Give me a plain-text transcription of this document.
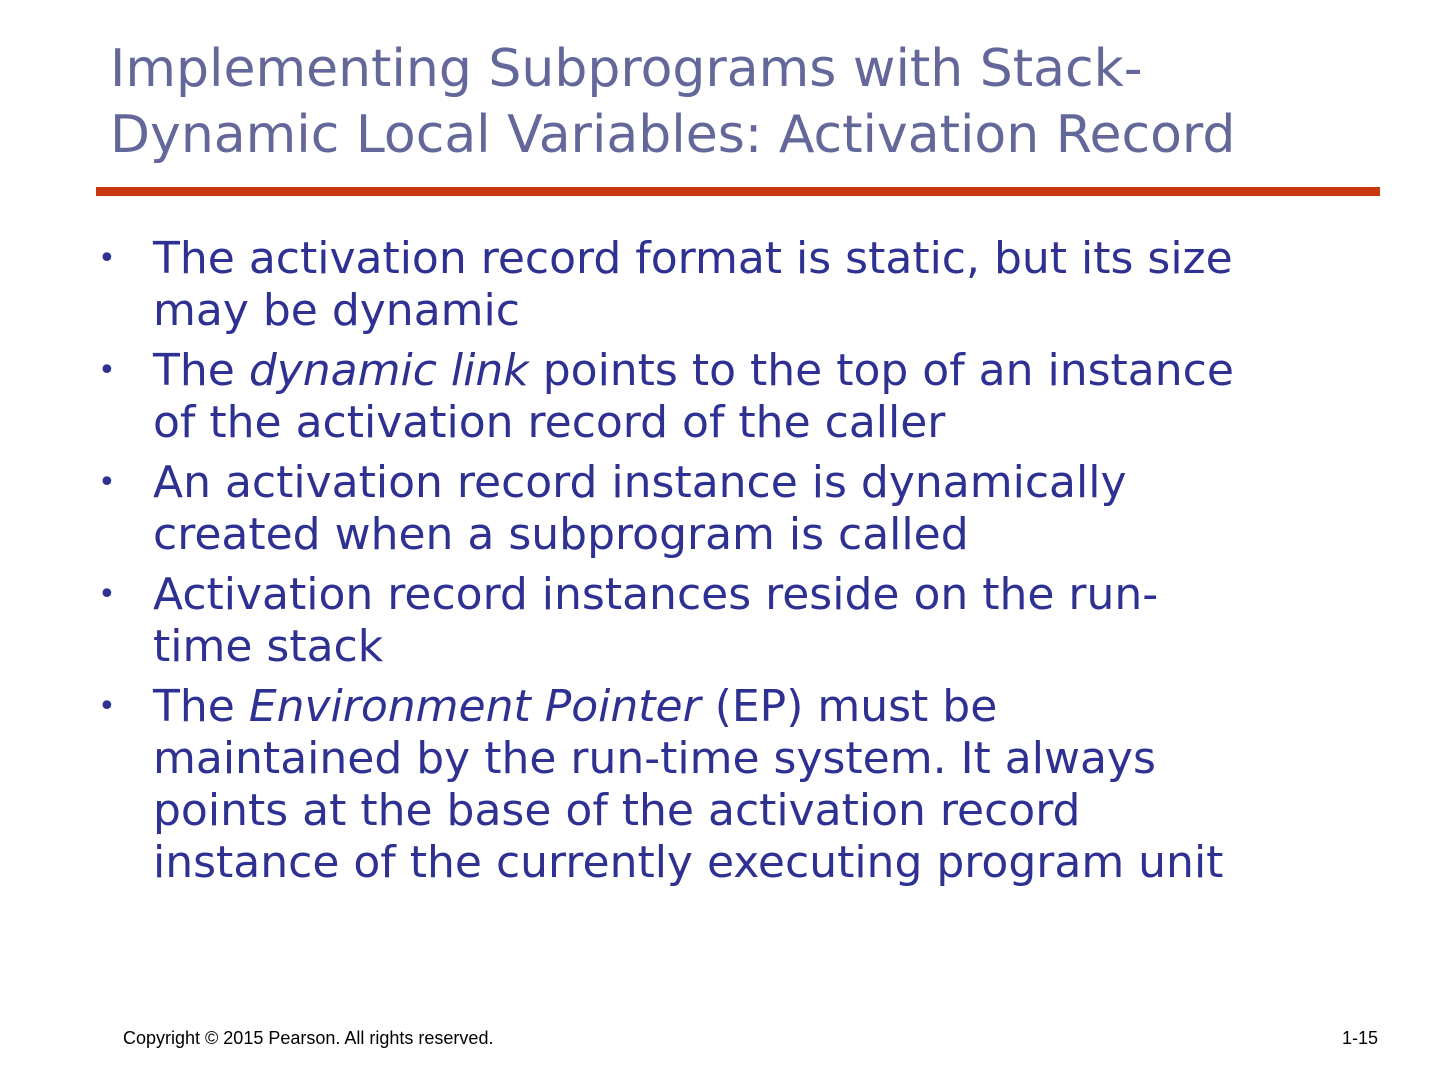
Implementing Subprograms with Stack-
Dynamic Local Variables: Activation Record
• The activation record format is static, but its size
may be dynamic
• The dynamic link points to the top of an instance
of the activation record of the caller
• An activation record instance is dynamically
created when a subprogram is called
• Activation record instances reside on the run-
time stack
• The Environment Pointer (EP) must be
maintained by the run-time system. It always
points at the base of the activation record
instance of the currently executing program unit
Copyright © 2015 Pearson. All rights reserved.	1-15
